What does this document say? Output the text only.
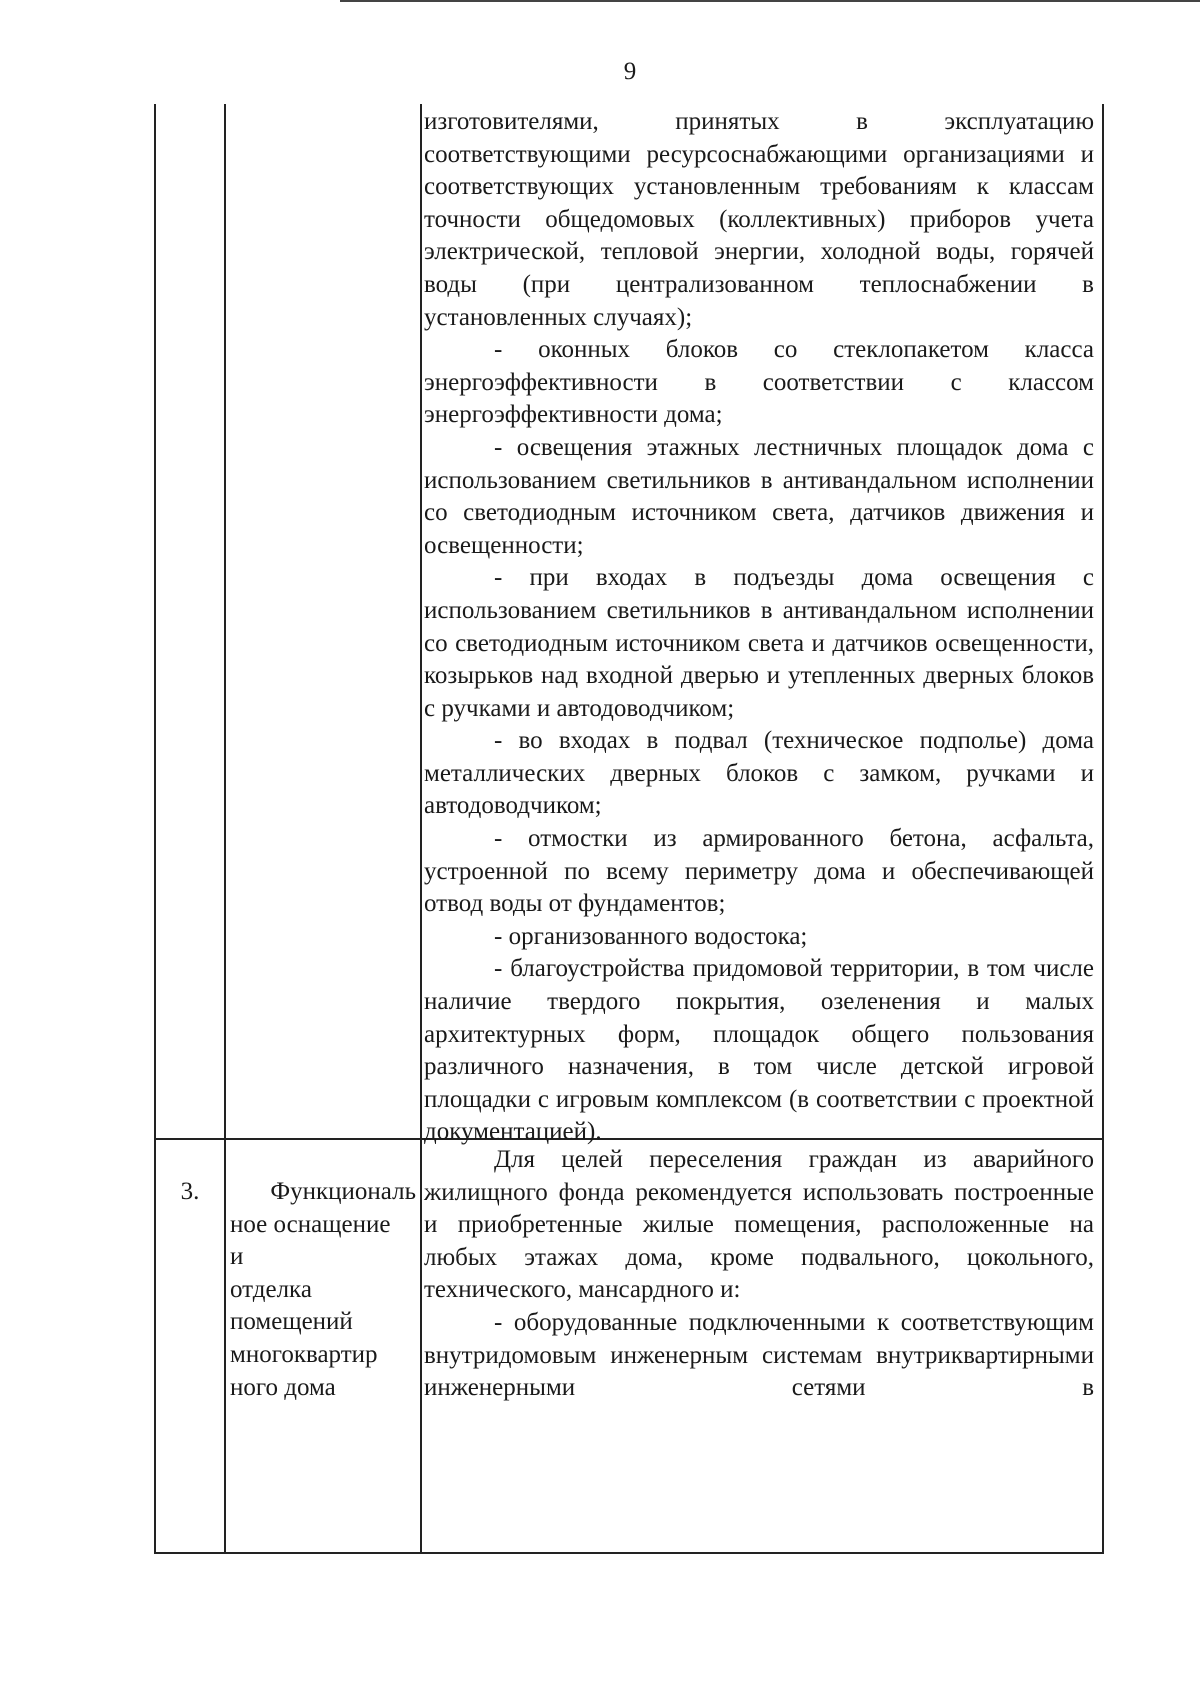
9

изготовителями, принятых в эксплуатацию соответствующими ресурсоснабжающими организациями и соответствующих установленным требованиям к классам точности общедомовых (коллективных) приборов учета электрической, тепловой энергии, холодной воды, горячей воды (при централизованном теплоснабжении в установленных случаях);

- оконных блоков со стеклопакетом класса энергоэффективности в соответствии с классом энергоэффективности дома;

- освещения этажных лестничных площадок дома с использованием светильников в антивандальном исполнении со светодиодным источником света, датчиков движения и освещенности;

- при входах в подъезды дома освещения с использованием светильников в антивандальном исполнении со светодиодным источником света и датчиков освещенности, козырьков над входной дверью и утепленных дверных блоков с ручками и автодоводчиком;

- во входах в подвал (техническое подполье) дома металлических дверных блоков с замком, ручками и автодоводчиком;

- отмостки из армированного бетона, асфальта, устроенной по всему периметру дома и обеспечивающей отвод воды от фундаментов;

- организованного водостока;

- благоустройства придомовой территории, в том числе наличие твердого покрытия, озеленения и малых архитектурных форм, площадок общего пользования различного назначения, в том числе детской игровой площадки с игровым комплексом (в соответствии с проектной документацией).

3.	Функциональ
ное оснащение
и
отделка
помещений
многоквартир
ного дома

Для целей переселения граждан из аварийного жилищного фонда рекомендуется использовать построенные и приобретенные жилые помещения, расположенные на любых этажах дома, кроме подвального, цокольного, технического, мансардного и:

- оборудованные подключенными к соответствующим внутридомовым инженерным системам внутриквартирными инженерными сетями в
